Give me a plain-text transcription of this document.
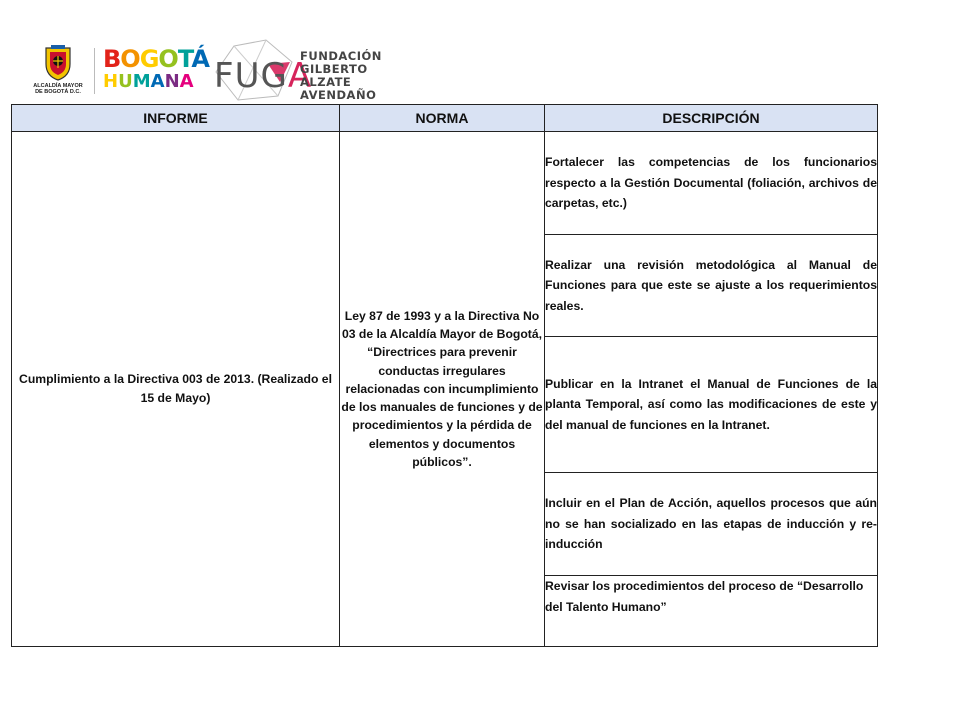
ALCALDÍA MAYOR
DE BOGOTÁ D.C.
BOGOTÁ
HUMANA FUGA
FUNDACIÓN
GILBERTO
ALZATE
AVENDAÑO
INFORME	NORMA	DESCRIPCIÓN
Cumplimiento a la Directiva 003 de 2013. (Realizado el 15 de Mayo)	Ley 87 de 1993 y a la Directiva No 03 de la Alcaldía Mayor de Bogotá, “Directrices para prevenir conductas irregulares relacionadas con incumplimiento de los manuales de funciones y de procedimientos y la pérdida de elementos y documentos públicos”.	Fortalecer las competencias de los funcionarios respecto a la Gestión Documental (foliación, archivos de carpetas, etc.)
		Realizar una revisión metodológica al Manual de Funciones para que este se ajuste a los requerimientos reales.
		Publicar en la Intranet el Manual de Funciones de la planta Temporal, así como las modificaciones de este y del manual de funciones en la Intranet.
		Incluir en el Plan de Acción, aquellos procesos que aún no se han socializado en las etapas de inducción y re-inducción
		Revisar los procedimientos del proceso de “Desarrollo del Talento Humano”
